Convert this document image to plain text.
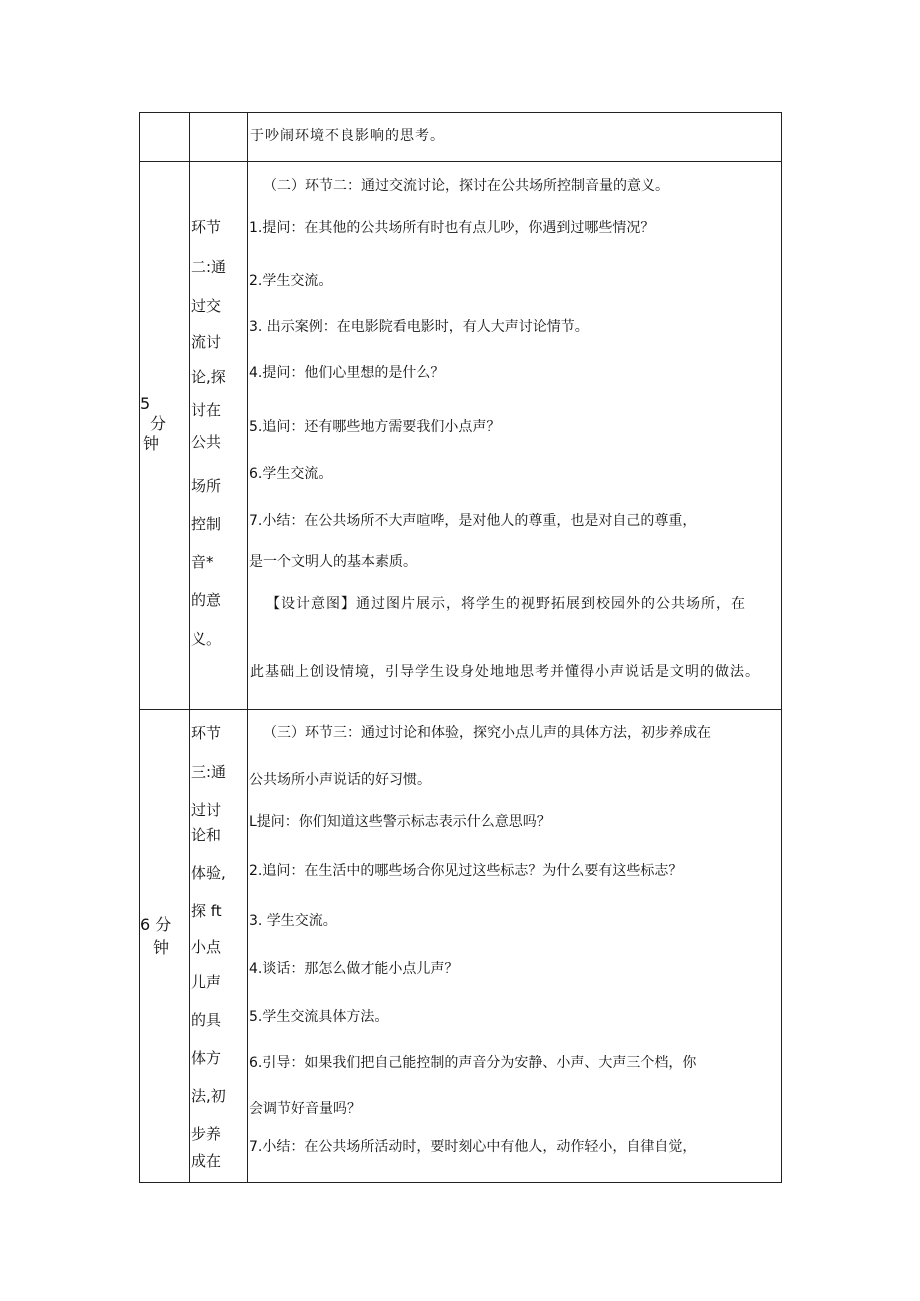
于吵闹环境不良影响的思考。
5
分
钟
环节
二:通
过交
流讨
论,探
讨在
公共
场所
控制
音*
的意
义。
（二）环节二：通过交流讨论，探讨在公共场所控制音量的意义。
1.提问：在其他的公共场所有时也有点儿吵，你遇到过哪些情况？
2.学生交流。
3. 出示案例：在电影院看电影时，有人大声讨论情节。
4.提问：他们心里想的是什么？
5.追问：还有哪些地方需要我们小点声？
6.学生交流。
7.小结：在公共场所不大声喧哗，是对他人的尊重，也是对自己的尊重，
是一个文明人的基本素质。
【设计意图】通过图片展示，将学生的视野拓展到校园外的公共场所，在
此基础上创设情境，引导学生设身处地地思考并懂得小声说话是文明的做法。
6 分
钟
环节
三:通
过讨
论和
体验,
探 ft
小点
儿声
的具
体方
法,初
步养
成在
（三）环节三：通过讨论和体验，探究小点儿声的具体方法，初步养成在
公共场所小声说话的好习惯。
L提问：你们知道这些警示标志表示什么意思吗？
2.追问：在生活中的哪些场合你见过这些标志？为什么要有这些标志？
3. 学生交流。
4.谈话：那怎么做才能小点儿声？
5.学生交流具体方法。
6.引导：如果我们把自己能控制的声音分为安静、小声、大声三个档，你
会调节好音量吗？
7.小结：在公共场所活动时，要时刻心中有他人，动作轻小，自律自觉，
